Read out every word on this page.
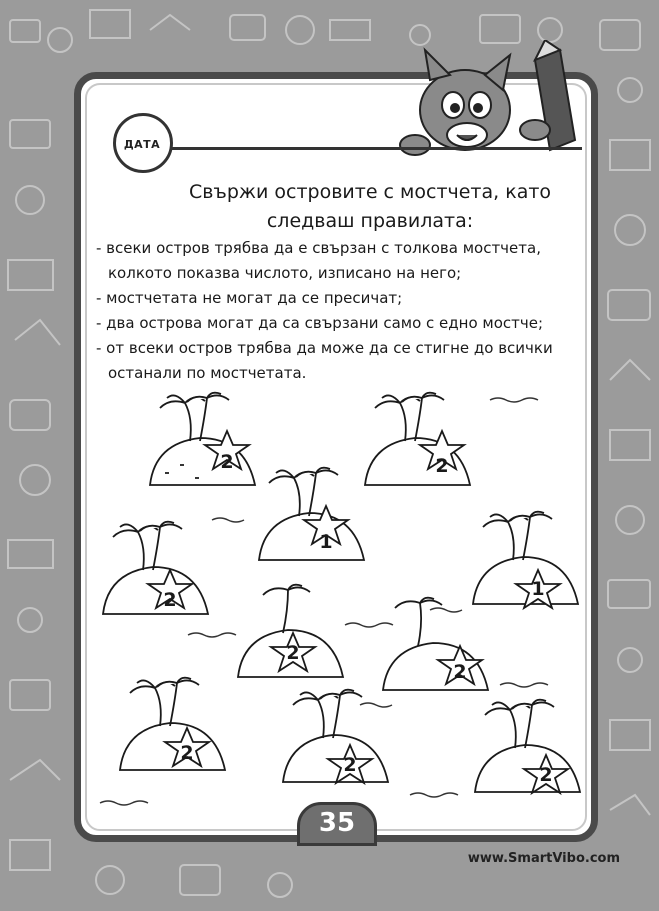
ДАТА
Свържи островите с мостчета, като
следваш правилата:
- всеки остров трябва да е свързан с толкова мостчета,
колкото показва числото, изписано на него;
- мостчетата не могат да се пресичат;
- два острова могат да са свързани само с едно мостче;
- от всеки остров трябва да може да се стигне до всички
останали по мостчетата.
2	2
1
2	1
2
2
2
2	2
35
www.SmartVibo.com
